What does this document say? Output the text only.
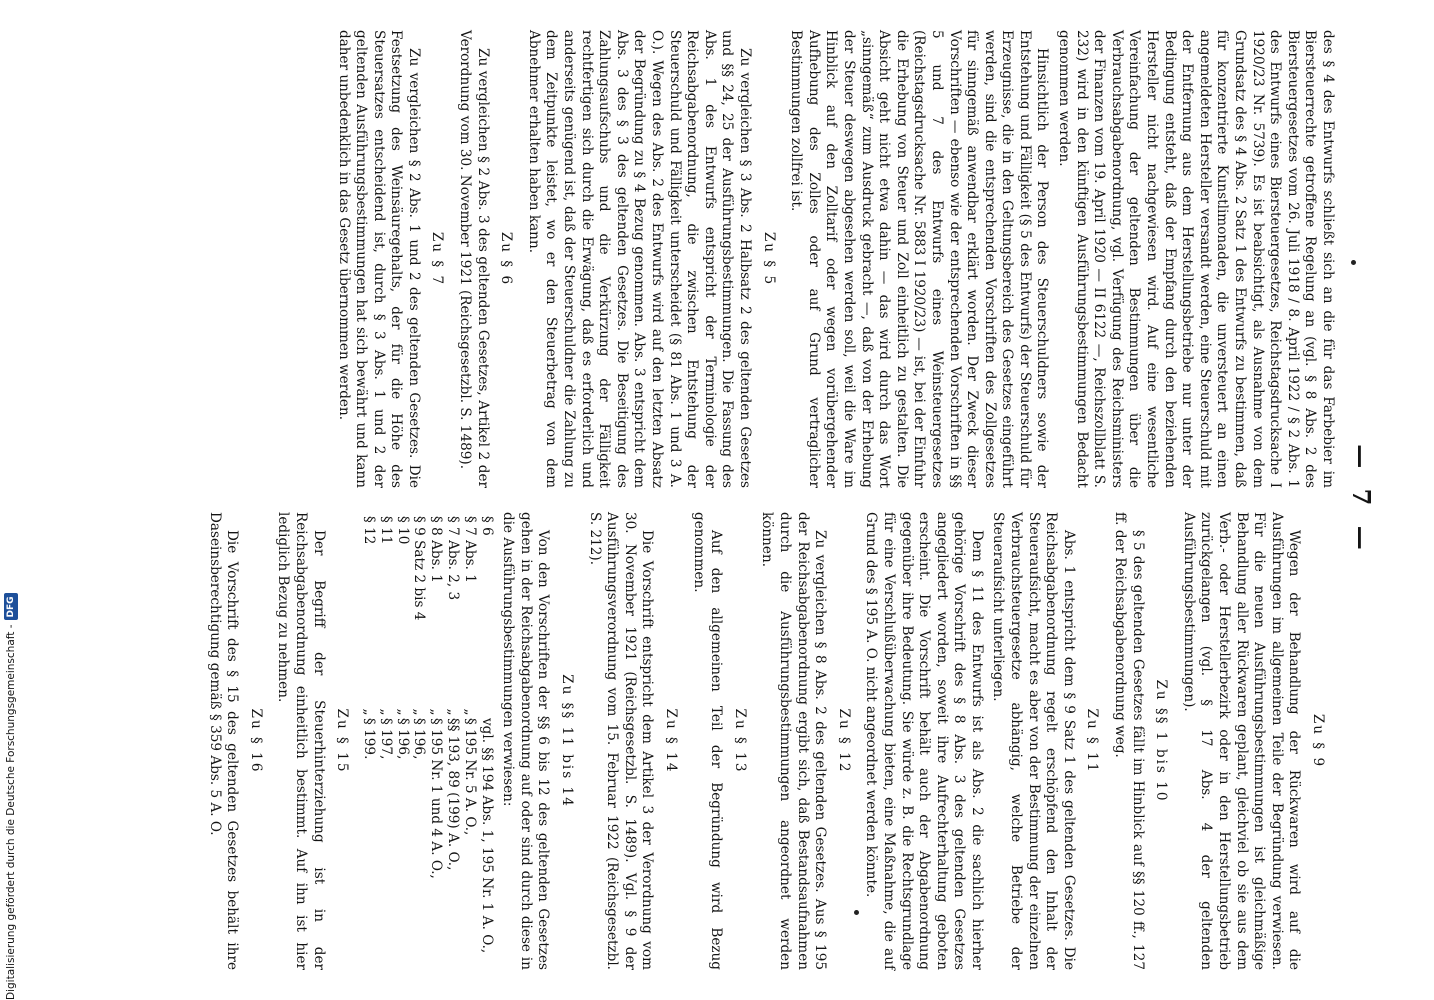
— 7 —

des § 4 des Entwurfs schließt sich an die für das Farbebier im Biersteuerrechte getroffene Regelung an (vgl. § 8 Abs. 2 des Biersteuergesetzes vom 26. Juli 1918 / 8. April 1922 / § 2 Abs. 1 des Entwurfs eines Biersteuergesetzes, Reichstagsdrucksache I 1920/23 Nr. 5739). Es ist beabsichtigt, als Ausnahme von dem Grundsatz des § 4 Abs. 2 Satz 1 des Entwurfs zu bestimmen, daß für konzentrierte Kunstlimonaden, die unversteuert an einen angemeldeten Hersteller versandt werden, eine Steuerschuld mit der Entfernung aus dem Herstellungsbetriebe nur unter der Bedingung entsteht, daß der Empfang durch den beziehenden Hersteller nicht nachgewiesen wird. Auf eine wesentliche Vereinfachung der geltenden Bestimmungen über die Verbrauchsabgabenordnung, vgl. Verfügung des Reichsministers der Finanzen vom 19. April 1920 — II 6122 —, Reichszollblatt S. 232) wird in den künftigen Ausführungsbestimmungen Bedacht genommen werden.

Hinsichtlich der Person des Steuerschuldners sowie der Entstehung und Fälligkeit (§ 5 des Entwurfs) der Steuerschuld für Erzeugnisse, die in den Geltungsbereich des Gesetzes eingeführt werden, sind die entsprechenden Vorschriften des Zollgesetzes für sinngemäß anwendbar erklärt worden. Der Zweck dieser Vorschriften — ebenso wie der entsprechenden Vorschriften in §§ 5 und 7 des Entwurfs eines Weinsteuergesetzes (Reichstagsdrucksache Nr. 5883 I 1920/23) — ist, bei der Einfuhr die Erhebung von Steuer und Zoll einheitlich zu gestalten. Die Absicht geht nicht etwa dahin — das wird durch das Wort „sinngemäß“ zum Ausdruck gebracht —, daß von der Erhebung der Steuer deswegen abgesehen werden soll, weil die Ware im Hinblick auf den Zolltarif oder wegen vorübergehender Aufhebung des Zolles oder auf Grund vertraglicher Bestimmungen zollfrei ist.

Zu § 5

Zu vergleichen § 3 Abs. 2 Halbsatz 2 des geltenden Gesetzes und §§ 24, 25 der Ausführungsbestimmungen. Die Fassung des Abs. 1 des Entwurfs entspricht der Terminologie der Reichsabgabenordnung, die zwischen Entstehung der Steuerschuld und Fälligkeit unterscheidet (§ 81 Abs. 1 und 3 A. O.). Wegen des Abs. 2 des Entwurfs wird auf den letzten Absatz der Begründung zu § 4 Bezug genommen. Abs. 3 entspricht dem Abs. 3 des § 3 des geltenden Gesetzes. Die Beseitigung des Zahlungsaufschubs und die Verkürzung der Fälligkeit rechtfertigen sich durch die Erwägung, daß es erforderlich und anderseits genügend ist, daß der Steuerschuldner die Zahlung zu dem Zeitpunkte leistet, wo er den Steuerbetrag von dem Abnehmer erhalten haben kann.

Zu § 6

Zu vergleichen § 2 Abs. 3 des geltenden Gesetzes, Artikel 2 der Verordnung vom 30. November 1921 (Reichsgesetzbl. S. 1489).

Zu § 7

Zu vergleichen § 2 Abs. 1 und 2 des geltenden Gesetzes. Die Festsetzung des Weinsäuregehalts, der für die Höhe des Steuersatzes entscheidend ist, durch § 3 Abs. 1 und 2 der geltenden Ausführungsbestimmungen hat sich bewährt und kann daher unbedenklich in das Gesetz übernommen werden.

Zu § 9

Wegen der Behandlung der Rückwaren wird auf die Ausführungen im allgemeinen Teile der Begründung verwiesen. Für die neuen Ausführungsbestimmungen ist gleichmäßige Behandlung aller Rückwaren geplant, gleichviel ob sie aus dem Verb.- oder Herstellerbezirk oder in den Herstellungsbetrieb zurückgelangen (vgl. § 17 Abs. 4 der geltenden Ausführungsbestimmungen).

Zu §§ 1 bis 10

§ 5 des geltenden Gesetzes fällt im Hinblick auf §§ 120 ff., 127 ff. der Reichsabgabenordnung weg.

Zu § 11

Abs. 1 entspricht dem § 9 Satz 1 des geltenden Gesetzes. Die Reichsabgabenordnung regelt erschöpfend den Inhalt der Steueraufsicht, macht es aber von der Bestimmung der einzelnen Verbrauchsteuergesetze abhängig, welche Betriebe der Steueraufsicht unterliegen.

Dem § 11 des Entwurfs ist als Abs. 2 die sachlich hierher gehörige Vorschrift des § 8 Abs. 3 des geltenden Gesetzes angegliedert worden, soweit ihre Aufrechterhaltung geboten erscheint. Die Vorschrift behält auch der Abgabenordnung gegenüber ihre Bedeutung. Sie würde z. B. die Rechtsgrundlage für eine Verschlußüberwachung bieten, eine Maßnahme, die auf Grund des § 195 A. O. nicht angeordnet werden könnte.

Zu § 12

Zu vergleichen § 8 Abs. 2 des geltenden Gesetzes. Aus § 195 der Reichsabgabenordnung ergibt sich, daß Bestandsaufnahmen durch die Ausführungsbestimmungen angeordnet werden können.

Zu § 13

Auf den allgemeinen Teil der Begründung wird Bezug genommen.

Zu § 14

Die Vorschrift entspricht dem Artikel 3 der Verordnung vom 30. November 1921 (Reichsgesetzbl. S. 1489). Vgl. § 9 der Ausführungsverordnung vom 15. Februar 1922 (Reichsgesetzbl. S. 212).

Zu §§ 11 bis 14

Von den Vorschriften der §§ 6 bis 12 des geltenden Gesetzes gehen in der Reichsabgabenordnung auf oder sind durch diese in die Ausführungsbestimmungen verwiesen:

§ 6		vgl. §§ 194 Abs. 1, 195 Nr. 1 A. O.,
§ 7 Abs. 1	„	§ 195 Nr. 5 A. O.,
§ 7 Abs. 2, 3	„	§§ 193, 89 (199) A. O.,
§ 8 Abs. 1	„	§ 195 Nr. 1 und 4 A. O.,
§ 9 Satz 2 bis 4	„	§ 196,
§ 10	„	§ 196,
§ 11	„	§ 197,
§ 12	„	§ 199.
Zu § 15

Der Begriff der Steuerhinterziehung ist in der Reichsabgabenordnung einheitlich bestimmt. Auf ihn ist hier lediglich Bezug zu nehmen.

Zu § 16

Die Vorschrift des § 15 des geltenden Gesetzes behält ihre Daseinsberechtigung gemäß § 359 Abs. 5 A. O.

Digitalisierung gefördert durch die Deutsche Forschungsgemeinschaft -
DFG
